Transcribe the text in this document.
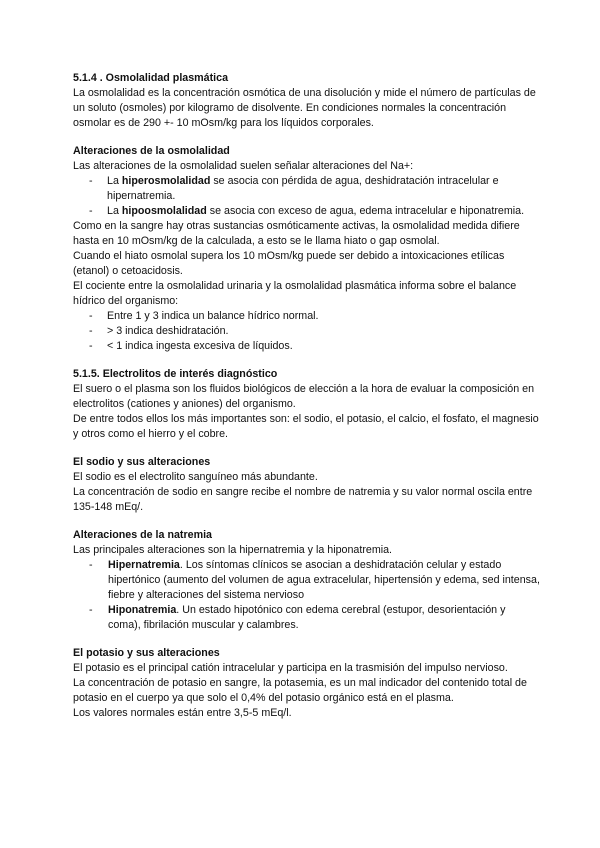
5.1.4 . Osmolalidad plasmática

La osmolalidad es la concentración osmótica de una disolución y mide el número de partículas de un soluto (osmoles) por kilogramo de disolvente. En condiciones normales la concentración osmolar es de 290 +- 10 mOsm/kg para los líquidos corporales.

Alteraciones de la osmolalidad

Las alteraciones de la osmolalidad suelen señalar alteraciones del Na+:

- La hiperosmolalidad se asocia con pérdida de agua, deshidratación intracelular e hipernatremia.
- La hipoosmolalidad se asocia con exceso de agua, edema intracelular e hiponatremia.

Como en la sangre hay otras sustancias osmóticamente activas, la osmolalidad medida difiere hasta en 10 mOsm/kg de la calculada, a esto se le llama hiato o gap osmolal.

Cuando el hiato osmolal supera los 10 mOsm/kg puede ser debido a intoxicaciones etílicas (etanol) o cetoacidosis.

El cociente entre la osmolalidad urinaria y la osmolalidad plasmática informa sobre el balance hídrico del organismo:

- Entre 1 y 3 indica un balance hídrico normal.
- > 3 indica deshidratación.
- < 1 indica ingesta excesiva de líquidos.
5.1.5. Electrolitos de interés diagnóstico

El suero o el plasma son los fluidos biológicos de elección a la hora de evaluar la composición en electrolitos (cationes y aniones) del organismo.

De entre todos ellos los más importantes son: el sodio, el potasio, el calcio, el fosfato, el magnesio y otros como el hierro y el cobre.

El sodio y sus alteraciones

El sodio es el electrolito sanguíneo más abundante.

La concentración de sodio en sangre recibe el nombre de natremia y su valor normal oscila entre 135-148 mEq/.

Alteraciones de la natremia

Las principales alteraciones son la hipernatremia y la hiponatremia.

- Hipernatremia. Los síntomas clínicos se asocian a deshidratación celular y estado hipertónico (aumento del volumen de agua extracelular, hipertensión y edema, sed intensa, fiebre y alteraciones del sistema nervioso
- Hiponatremia. Un estado hipotónico con edema cerebral (estupor, desorientación y coma), fibrilación muscular y calambres.
El potasio y sus alteraciones

El potasio es el principal catión intracelular y participa en la trasmisión del impulso nervioso.

La concentración de potasio en sangre, la potasemia, es un mal indicador del contenido total de potasio en el cuerpo ya que solo el 0,4% del potasio orgánico está en el plasma.

Los valores normales están entre 3,5-5 mEq/l.
